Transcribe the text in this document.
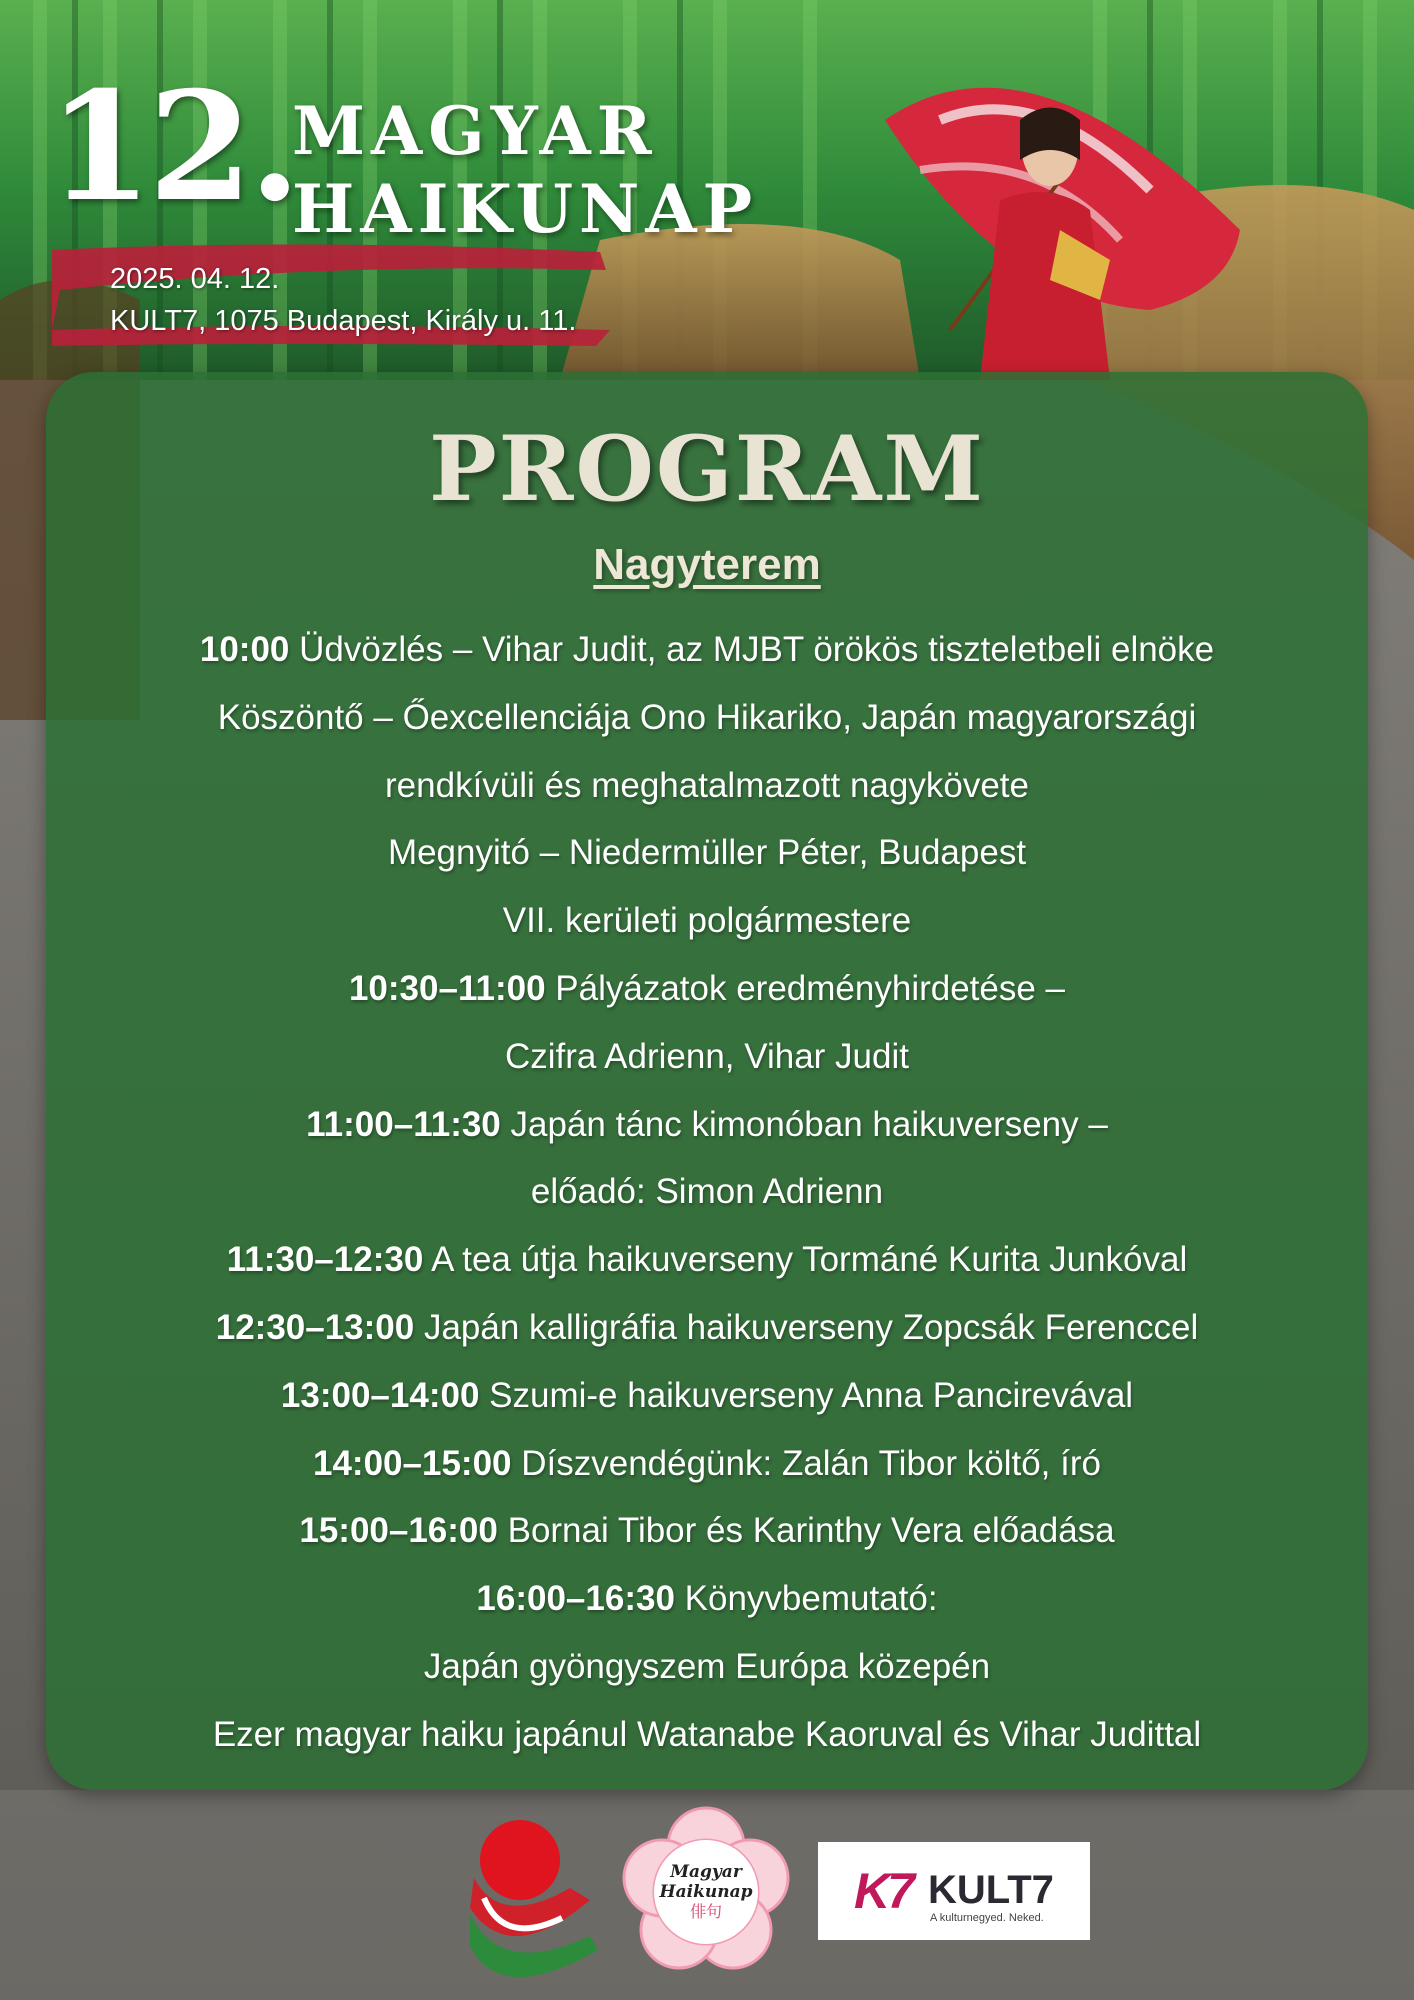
12.
MAGYAR
HAIKUNAP
2025. 04. 12.
KULT7, 1075 Budapest, Király u. 11.
PROGRAM
Nagyterem
10:00 Üdvözlés – Vihar Judit, az MJBT örökös tiszteletbeli elnöke
Köszöntő – Őexcellenciája Ono Hikariko, Japán magyarországi
rendkívüli és meghatalmazott nagykövete
Megnyitó – Niedermüller Péter, Budapest
VII. kerületi polgármestere
10:30–11:00 Pályázatok eredményhirdetése –
Czifra Adrienn, Vihar Judit
11:00–11:30 Japán tánc kimonóban haikuverseny –
előadó: Simon Adrienn
11:30–12:30 A tea útja haikuverseny Tormáné Kurita Junkóval
12:30–13:00 Japán kalligráfia haikuverseny Zopcsák Ferenccel
13:00–14:00 Szumi-e haikuverseny Anna Pancirevával
14:00–15:00 Díszvendégünk: Zalán Tibor költő, író
15:00–16:00 Bornai Tibor és Karinthy Vera előadása
16:00–16:30 Könyvbemutató:
Japán gyöngyszem Európa közepén
Ezer magyar haiku japánul Watanabe Kaoruval és Vihar Judittal
Magyar
Haikunap
俳句	K7 KULT7
A kulturnegyed. Neked.
